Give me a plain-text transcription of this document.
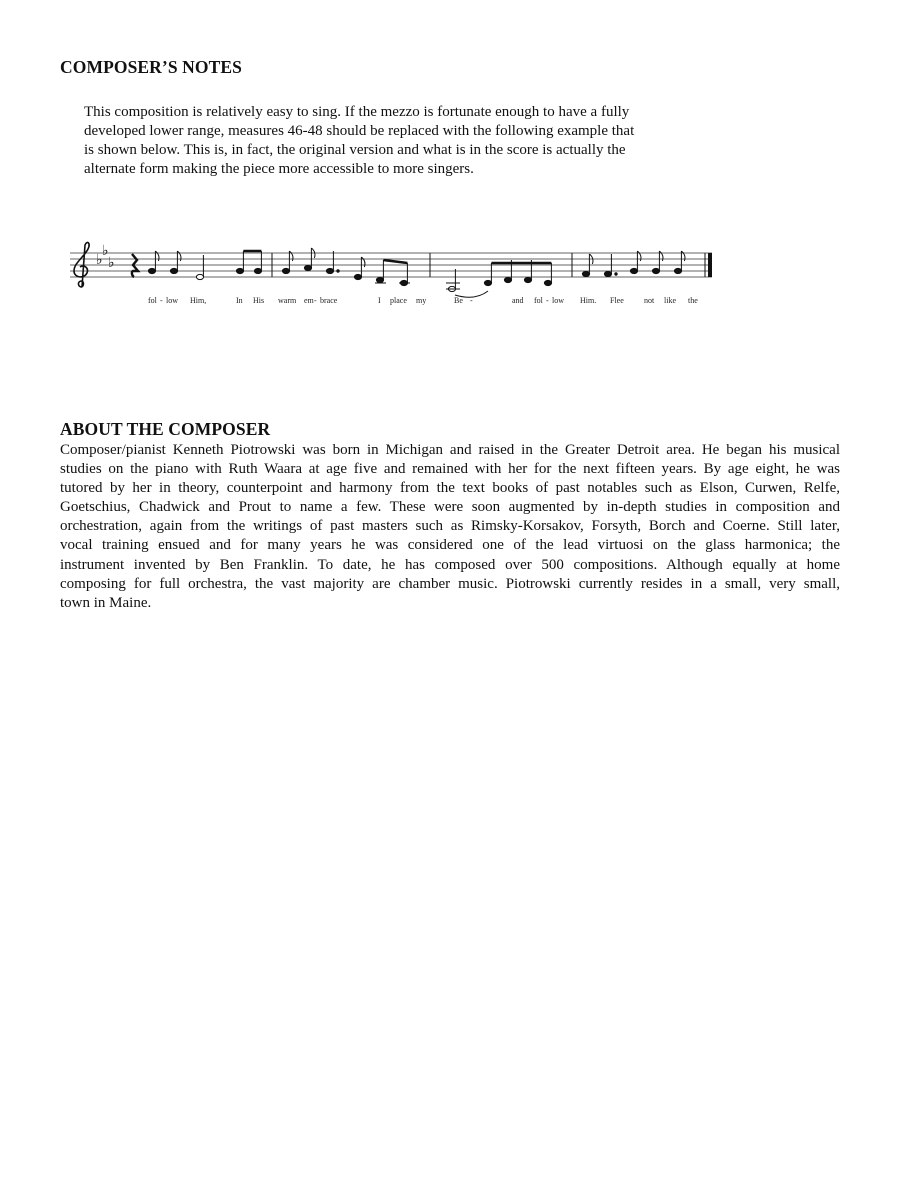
COMPOSER’S NOTES

This composition is relatively easy to sing. If the mezzo is fortunate enough to have a fully
developed lower range, measures 46-48 should be replaced with the following example that
is shown below. This is, in fact, the original version and what is in the score is actually the
alternate form making the piece more accessible to more singers.

♭
♭
♭
fol - low Him,	In His warm em - brace	I place my	Be -	and fol - low Him. Flee	not like the
ABOUT THE COMPOSER

Composer/pianist Kenneth Piotrowski was born in Michigan and raised in the Greater Detroit area. He began his musical
studies on the piano with Ruth Waara at age five and remained with her for the next fifteen years. By age eight, he was
tutored by her in theory, counterpoint and harmony from the text books of past notables such as Elson, Curwen, Relfe,
Goetschius, Chadwick and Prout to name a few. These were soon augmented by in-depth studies in composition and
orchestration, again from the writings of past masters such as Rimsky-Korsakov, Forsyth, Borch and Coerne. Still later,
vocal training ensued and for many years he was considered one of the lead virtuosi on the glass harmonica; the
instrument invented by Ben Franklin. To date, he has composed over 500 compositions. Although equally at home
composing for full orchestra, the vast majority are chamber music. Piotrowski currently resides in a small, very small,
town in Maine.
